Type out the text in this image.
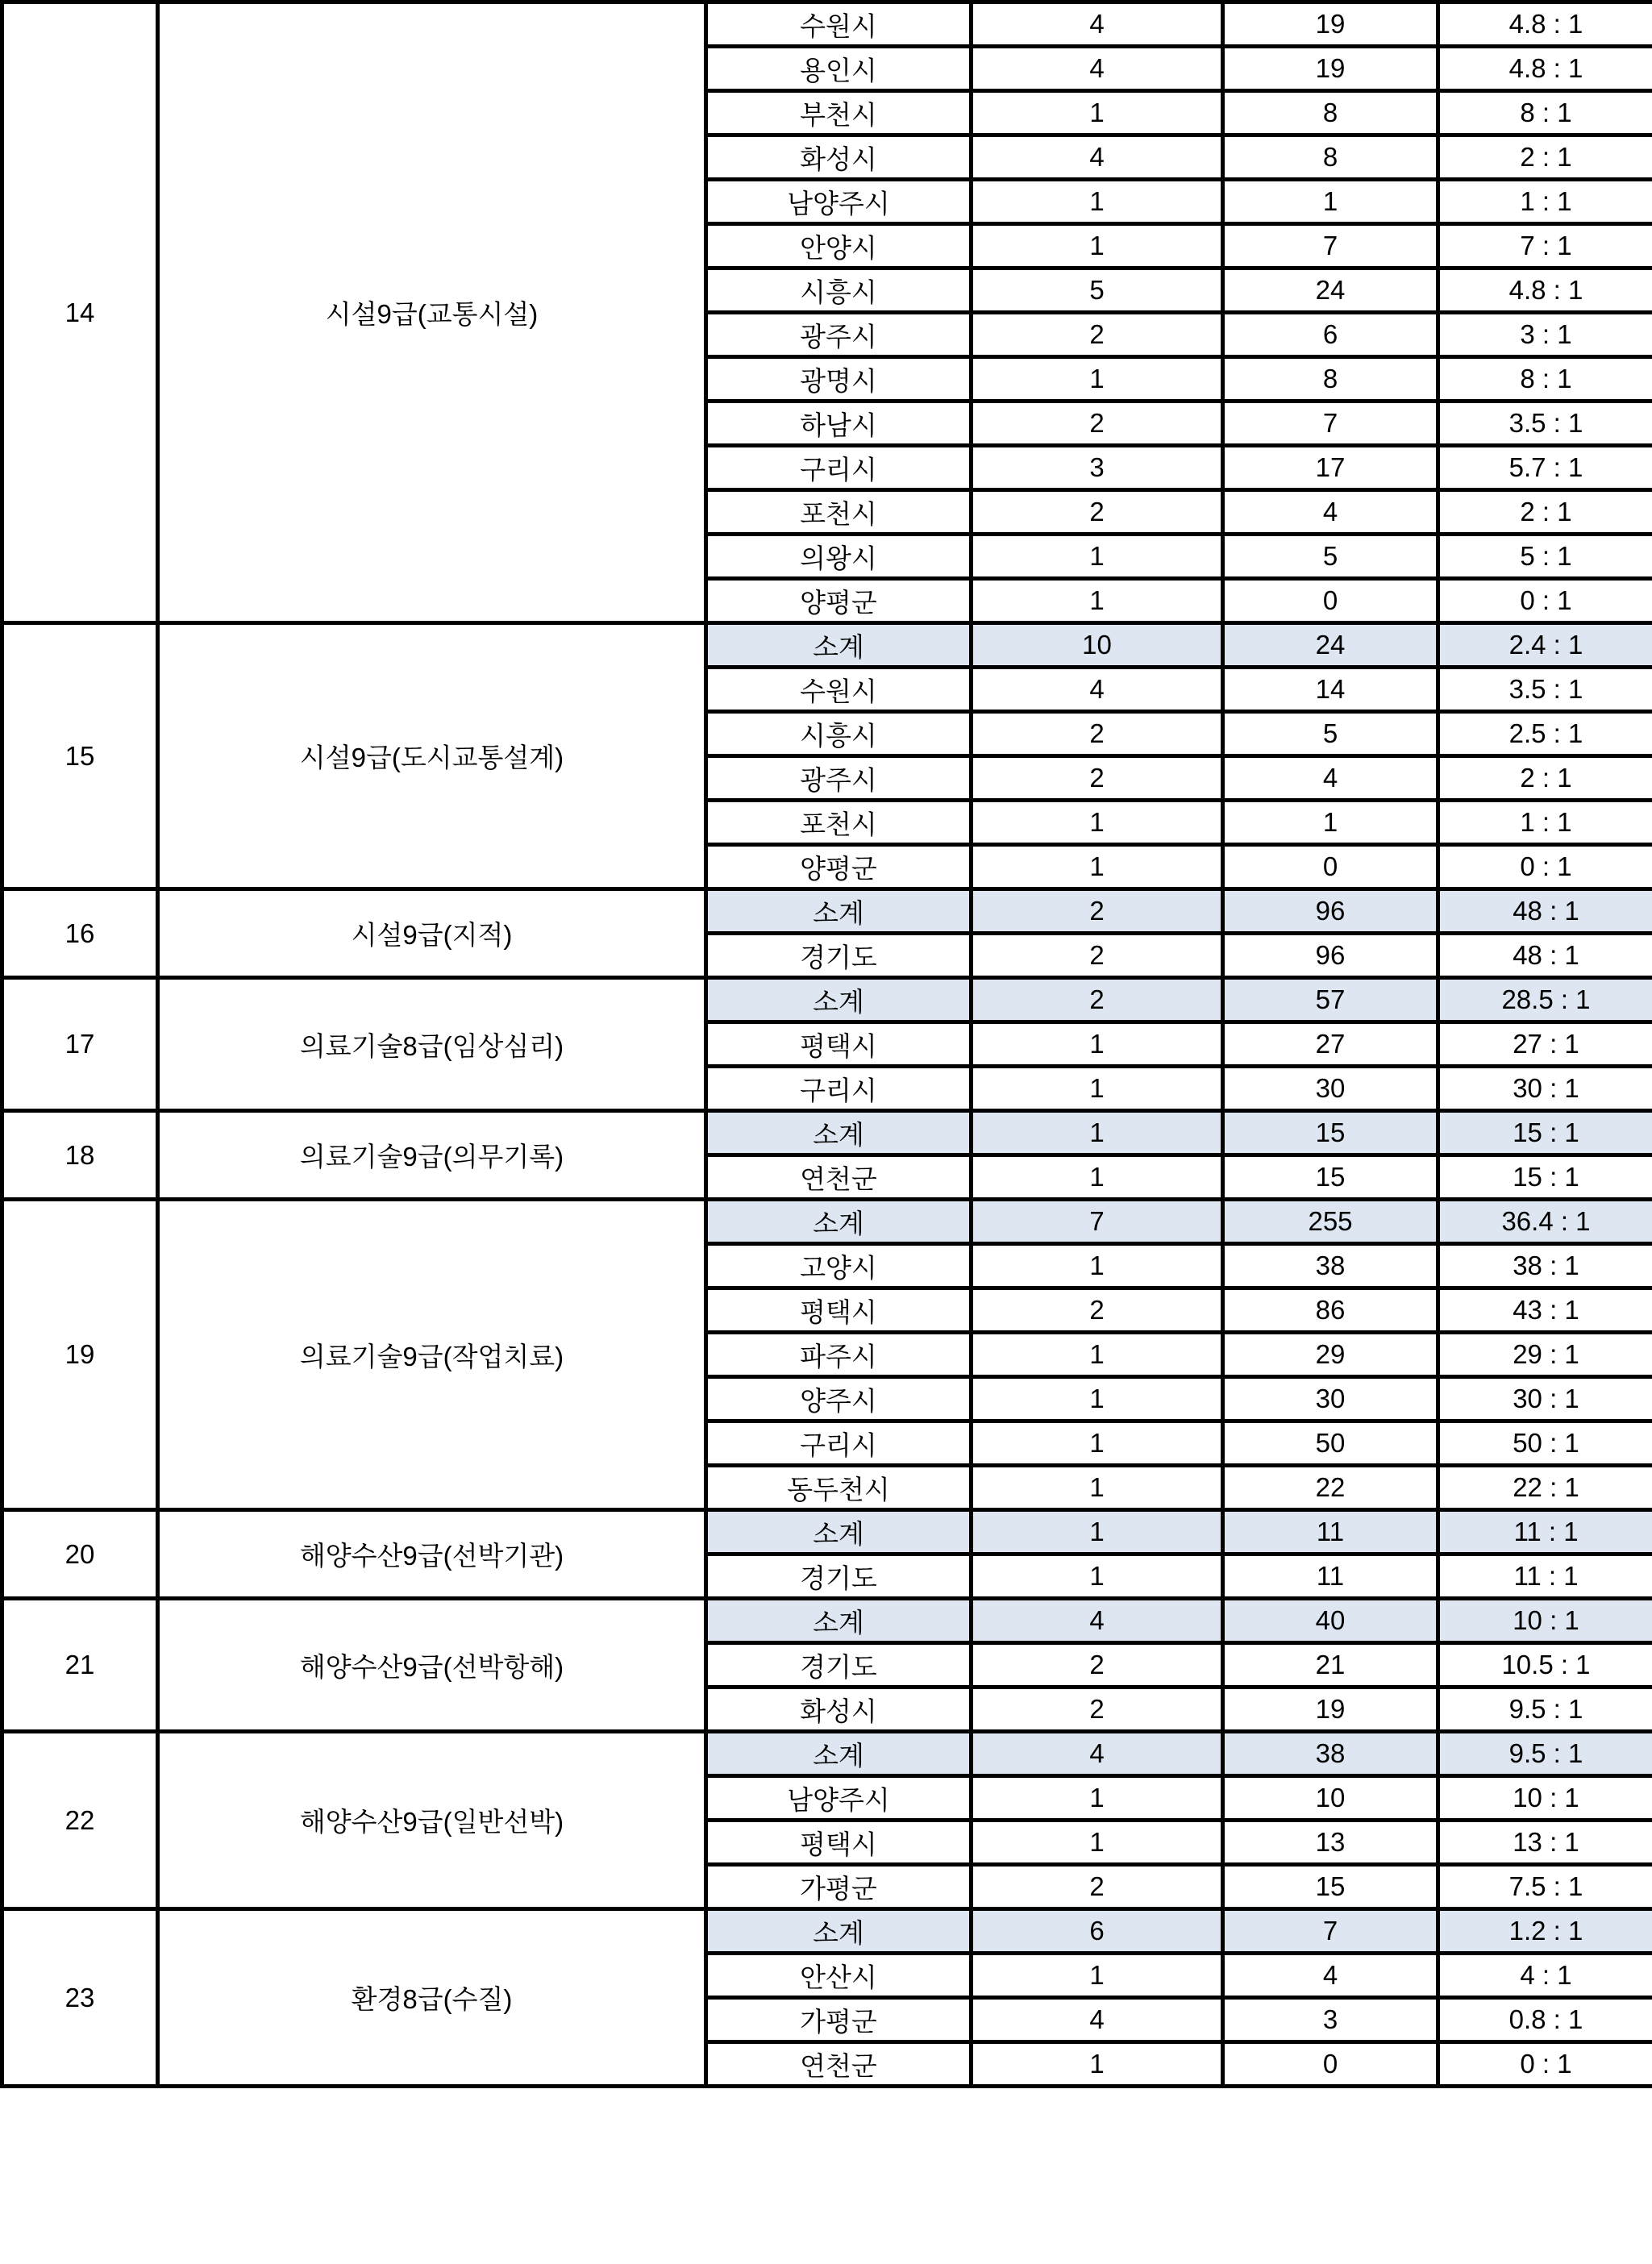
14	시설9급(교통시설)	수원시	4	19	4.8 : 1
		용인시	4	19	4.8 : 1
		부천시	1	8	8 : 1
		화성시	4	8	2 : 1
		남양주시	1	1	1 : 1
		안양시	1	7	7 : 1
		시흥시	5	24	4.8 : 1
		광주시	2	6	3 : 1
		광명시	1	8	8 : 1
		하남시	2	7	3.5 : 1
		구리시	3	17	5.7 : 1
		포천시	2	4	2 : 1
		의왕시	1	5	5 : 1
		양평군	1	0	0 : 1
15	시설9급(도시교통설계)	소계	10	24	2.4 : 1
		수원시	4	14	3.5 : 1
		시흥시	2	5	2.5 : 1
		광주시	2	4	2 : 1
		포천시	1	1	1 : 1
		양평군	1	0	0 : 1
16	시설9급(지적)	소계	2	96	48 : 1
		경기도	2	96	48 : 1
17	의료기술8급(임상심리)	소계	2	57	28.5 : 1
		평택시	1	27	27 : 1
		구리시	1	30	30 : 1
18	의료기술9급(의무기록)	소계	1	15	15 : 1
		연천군	1	15	15 : 1
19	의료기술9급(작업치료)	소계	7	255	36.4 : 1
		고양시	1	38	38 : 1
		평택시	2	86	43 : 1
		파주시	1	29	29 : 1
		양주시	1	30	30 : 1
		구리시	1	50	50 : 1
		동두천시	1	22	22 : 1
20	해양수산9급(선박기관)	소계	1	11	11 : 1
		경기도	1	11	11 : 1
21	해양수산9급(선박항해)	소계	4	40	10 : 1
		경기도	2	21	10.5 : 1
		화성시	2	19	9.5 : 1
22	해양수산9급(일반선박)	소계	4	38	9.5 : 1
		남양주시	1	10	10 : 1
		평택시	1	13	13 : 1
		가평군	2	15	7.5 : 1
23	환경8급(수질)	소계	6	7	1.2 : 1
		안산시	1	4	4 : 1
		가평군	4	3	0.8 : 1
		연천군	1	0	0 : 1
